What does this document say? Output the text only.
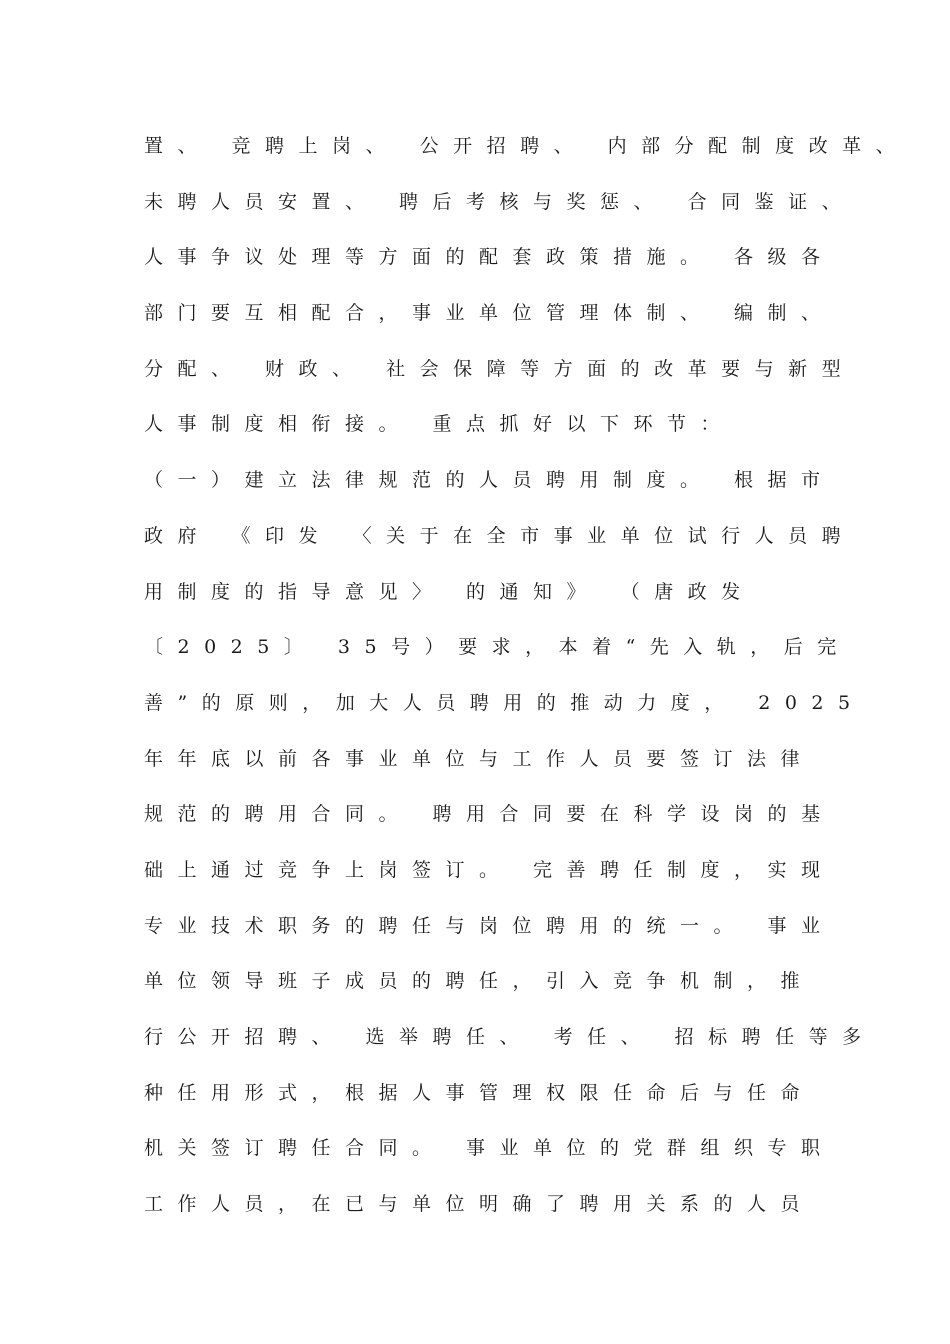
置、 竞聘上岗、 公开招聘、 内部分配制度改革、
未聘人员安置、 聘后考核与奖惩、 合同鉴证、
人事争议处理等方面的配套政策措施。 各级各
部门要互相配合，事业单位管理体制、 编制、
分配、 财政、 社会保障等方面的改革要与新型
人事制度相衔接。 重点抓好以下环节：
（一）建立法律规范的人员聘用制度。 根据市
政府 《印发 〈关于在全市事业单位试行人员聘
用制度的指导意见〉 的通知》 （唐政发
〔2025〕 35号）要求，本着“先入轨，后完
善”的原则，加大人员聘用的推动力度， 2025
年年底以前各事业单位与工作人员要签订法律
规范的聘用合同。 聘用合同要在科学设岗的基
础上通过竞争上岗签订。 完善聘任制度，实现
专业技术职务的聘任与岗位聘用的统一。 事业
单位领导班子成员的聘任，引入竞争机制，推
行公开招聘、 选举聘任、 考任、 招标聘任等多
种任用形式，根据人事管理权限任命后与任命
机关签订聘任合同。 事业单位的党群组织专职
工作人员，在已与单位明确了聘用关系的人员
